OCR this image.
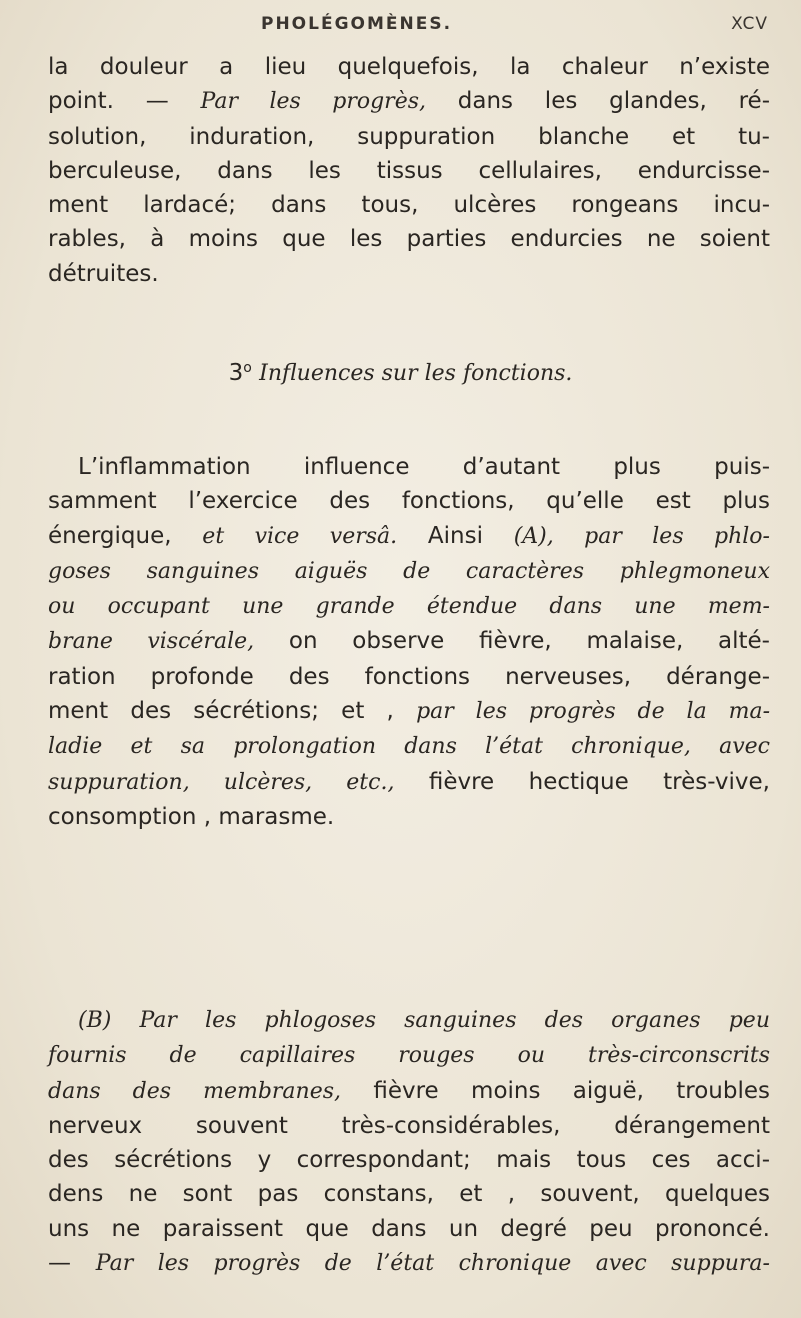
PHOLÉGOMÈNES.	XCV
la douleur a lieu quelquefois, la chaleur n’existe
point. — Par les progrès, dans les glandes, ré-
solution, induration, suppuration blanche et tu-
berculeuse, dans les tissus cellulaires, endurcisse-
ment lardacé; dans tous, ulcères rongeans incu-
rables, à moins que les parties endurcies ne soient
détruites.
3$^o$ Influences sur les fonctions.
L’inflammation influence d’autant plus puis-
samment l’exercice des fonctions, qu’elle est plus
énergique, et vice versâ. Ainsi (A), par les phlo-
goses sanguines aiguës de caractères phlegmoneux
ou occupant une grande étendue dans une mem-
brane viscérale, on observe fièvre, malaise, alté-
ration profonde des fonctions nerveuses, dérange-
ment des sécrétions; et , par les progrès de la ma-
ladie et sa prolongation dans l’état chronique, avec
suppuration, ulcères, etc., fièvre hectique très-vive,
consomption , marasme.
(B) Par les phlogoses sanguines des organes peu
fournis de capillaires rouges ou très-circonscrits
dans des membranes, fièvre moins aiguë, troubles
nerveux souvent très-considérables, dérangement
des sécrétions y correspondant; mais tous ces acci-
dens ne sont pas constans, et , souvent, quelques
uns ne paraissent que dans un degré peu prononcé.
— Par les progrès de l’état chronique avec suppura-
